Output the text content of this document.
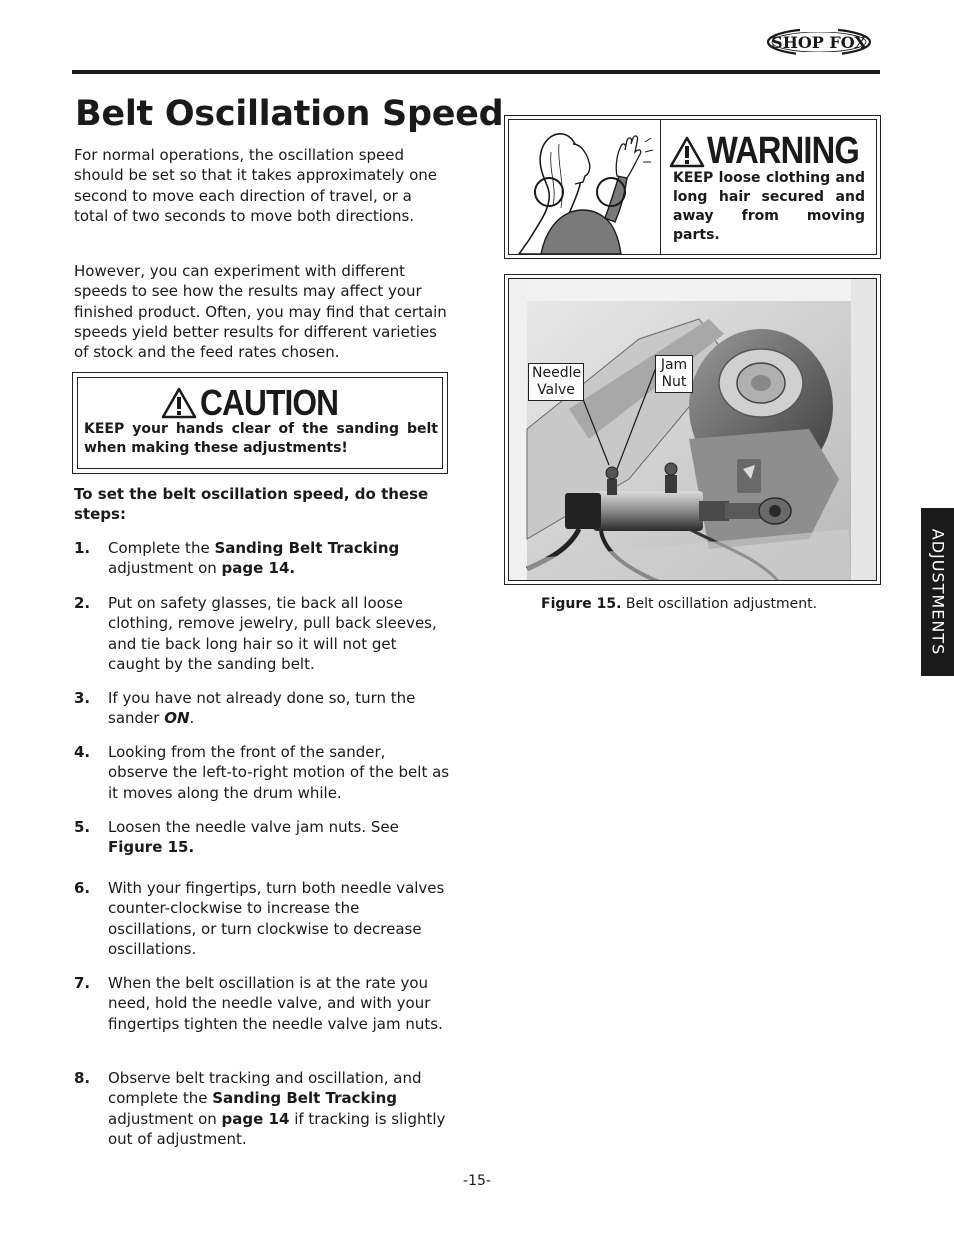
SHOP FOX
Belt Oscillation Speed
For normal operations, the oscillation speed should be set so that it takes approximately one second to move each direction of travel, or a total of two seconds to move both directions.
However, you can experiment with different speeds to see how the results may affect your finished product. Often, you may find that certain speeds yield better results for different varieties of stock and the feed rates chosen.
CAUTION
KEEP your hands clear of the sanding belt when making these adjustments!
To set the belt oscillation speed, do these steps:
1. Complete the Sanding Belt Tracking adjustment on page 14.
2. Put on safety glasses, tie back all loose clothing, remove jewelry, pull back sleeves, and tie back long hair so it will not get caught by the sanding belt.
3. If you have not already done so, turn the sander ON.
4. Looking from the front of the sander, observe the left-to-right motion of the belt as it moves along the drum while.
5. Loosen the needle valve jam nuts. See Figure 15.
6. With your fingertips, turn both needle valves counter-clockwise to increase the oscillations, or turn clockwise to decrease oscillations.
7. When the belt oscillation is at the rate you need, hold the needle valve, and with your fingertips tighten the needle valve jam nuts.
8. Observe belt tracking and oscillation, and complete the Sanding Belt Tracking adjustment on page 14 if tracking is slightly out of adjustment.
WARNING
KEEP loose clothing and long hair secured and away from moving parts.
Needle
Valve
Jam
Nut
Figure 15. Belt oscillation adjustment.	ADJUSTMENTS
-15-
